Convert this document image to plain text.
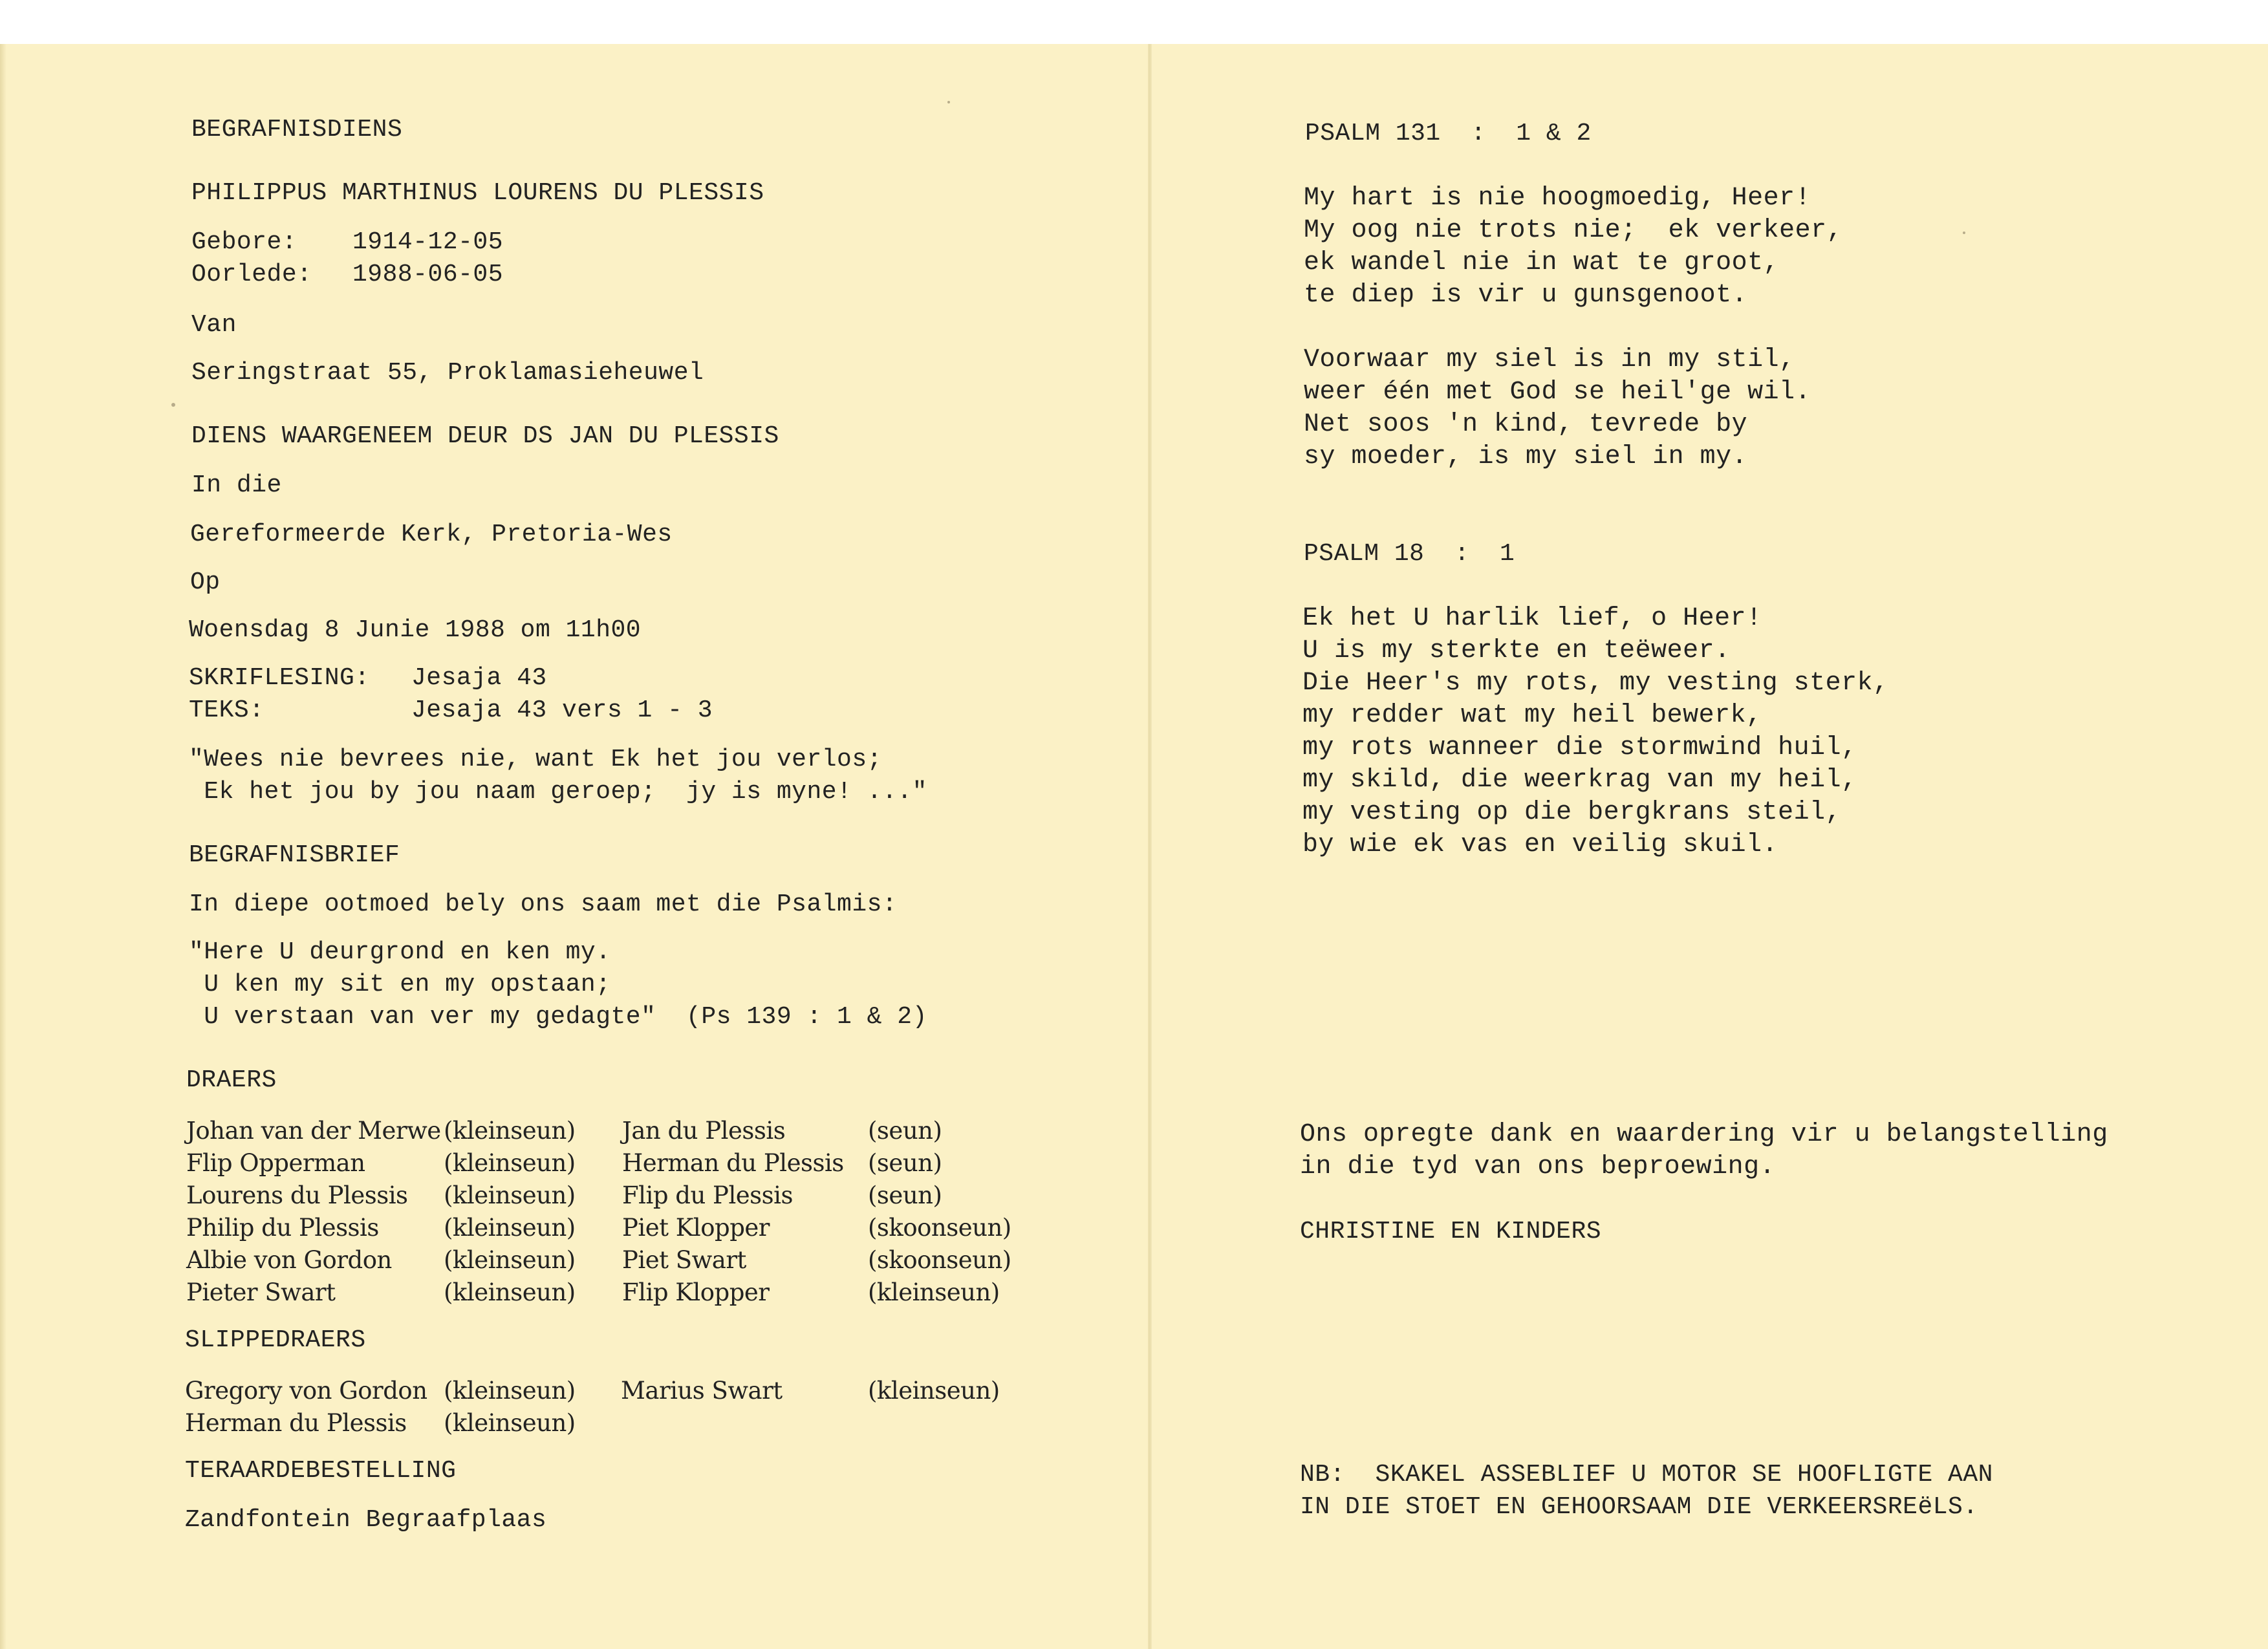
BEGRAFNISDIENS
PHILIPPUS MARTHINUS LOURENS DU PLESSIS
Gebore: 1914-12-05
Oorlede: 1988-06-05
Van
Seringstraat 55, Proklamasieheuwel
DIENS WAARGENEEM DEUR DS JAN DU PLESSIS
In die
Gereformeerde Kerk, Pretoria-Wes
Op
Woensdag 8 Junie 1988 om 11h00
SKRIFLESING: Jesaja 43
TEKS:	Jesaja 43 vers 1 - 3
"Wees nie bevrees nie, want Ek het jou verlos;
Ek het jou by jou naam geroep;  jy is myne! ..."
BEGRAFNISBRIEF
In diepe ootmoed bely ons saam met die Psalmis:
"Here U deurgrond en ken my.
U ken my sit en my opstaan;
U verstaan van ver my gedagte"  (Ps 139 : 1 & 2)
DRAERS
Johan van der Merwe (kleinseun) Jan du Plessis	(seun)
Flip Opperman	(kleinseun) Herman du Plessis (seun)
Lourens du Plessis (kleinseun) Flip du Plessis	(seun)
Philip du Plessis	(kleinseun) Piet Klopper	(skoonseun)
Albie von Gordon (kleinseun) Piet Swart	(skoonseun)
Pieter Swart	(kleinseun) Flip Klopper	(kleinseun)
SLIPPEDRAERS
Gregory von Gordon (kleinseun) Marius Swart	(kleinseun)
Herman du Plessis (kleinseun)
TERAARDEBESTELLING
Zandfontein Begraafplaas
PSALM 131  :  1 & 2
My hart is nie hoogmoedig, Heer!
My oog nie trots nie;  ek verkeer,
ek wandel nie in wat te groot,
te diep is vir u gunsgenoot.
Voorwaar my siel is in my stil,
weer één met God se heil'ge wil.
Net soos 'n kind, tevrede by
sy moeder, is my siel in my.
PSALM 18  :  1
Ek het U harlik lief, o Heer!
U is my sterkte en teëweer.
Die Heer's my rots, my vesting sterk,
my redder wat my heil bewerk,
my rots wanneer die stormwind huil,
my skild, die weerkrag van my heil,
my vesting op die bergkrans steil,
by wie ek vas en veilig skuil.
Ons opregte dank en waardering vir u belangstelling
in die tyd van ons beproewing.
CHRISTINE EN KINDERS
NB:  SKAKEL ASSEBLIEF U MOTOR SE HOOFLIGTE AAN
IN DIE STOET EN GEHOORSAAM DIE VERKEERSREëLS.
